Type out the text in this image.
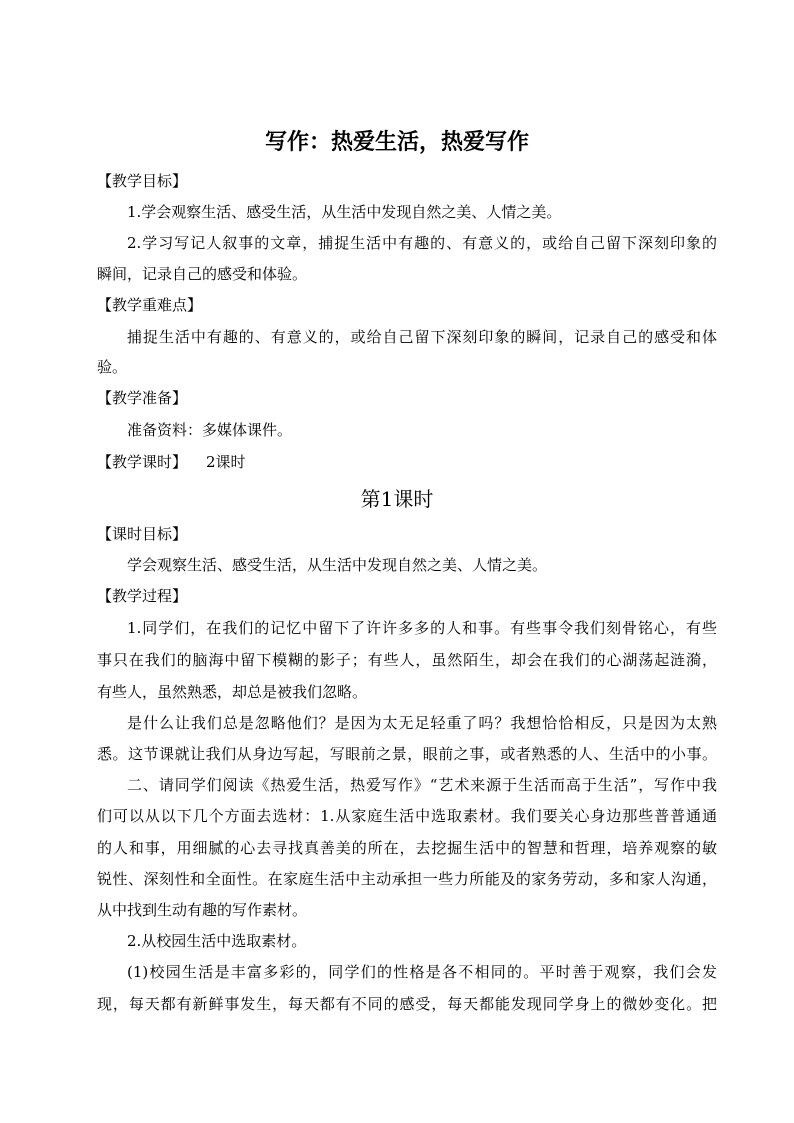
写作：热爱生活，热爱写作
【教学目标】
1.学会观察生活、感受生活，从生活中发现自然之美、人情之美。
2.学习写记人叙事的文章，捕捉生活中有趣的、有意义的，或给自己留下深刻印象的
瞬间，记录自己的感受和体验。
【教学重难点】
捕捉生活中有趣的、有意义的，或给自己留下深刻印象的瞬间，记录自己的感受和体
验。
【教学准备】
准备资料：多媒体课件。
【教学课时】 2课时
第1课时
【课时目标】
学会观察生活、感受生活，从生活中发现自然之美、人情之美。
【教学过程】
1.同学们，在我们的记忆中留下了许许多多的人和事。有些事令我们刻骨铭心，有些
事只在我们的脑海中留下模糊的影子；有些人，虽然陌生，却会在我们的心湖荡起涟漪，
有些人，虽然熟悉，却总是被我们忽略。
是什么让我们总是忽略他们？是因为太无足轻重了吗？我想恰恰相反，只是因为太熟
悉。这节课就让我们从身边写起，写眼前之景，眼前之事，或者熟悉的人、生活中的小事。
二、请同学们阅读《热爱生活，热爱写作》“艺术来源于生活而高于生活”，写作中我
们可以从以下几个方面去选材：1.从家庭生活中选取素材。我们要关心身边那些普普通通
的人和事，用细腻的心去寻找真善美的所在，去挖掘生活中的智慧和哲理，培养观察的敏
锐性、深刻性和全面性。在家庭生活中主动承担一些力所能及的家务劳动，多和家人沟通，
从中找到生动有趣的写作素材。
2.从校园生活中选取素材。
(1)校园生活是丰富多彩的，同学们的性格是各不相同的。平时善于观察，我们会发
现，每天都有新鲜事发生，每天都有不同的感受，每天都能发现同学身上的微妙变化。把
